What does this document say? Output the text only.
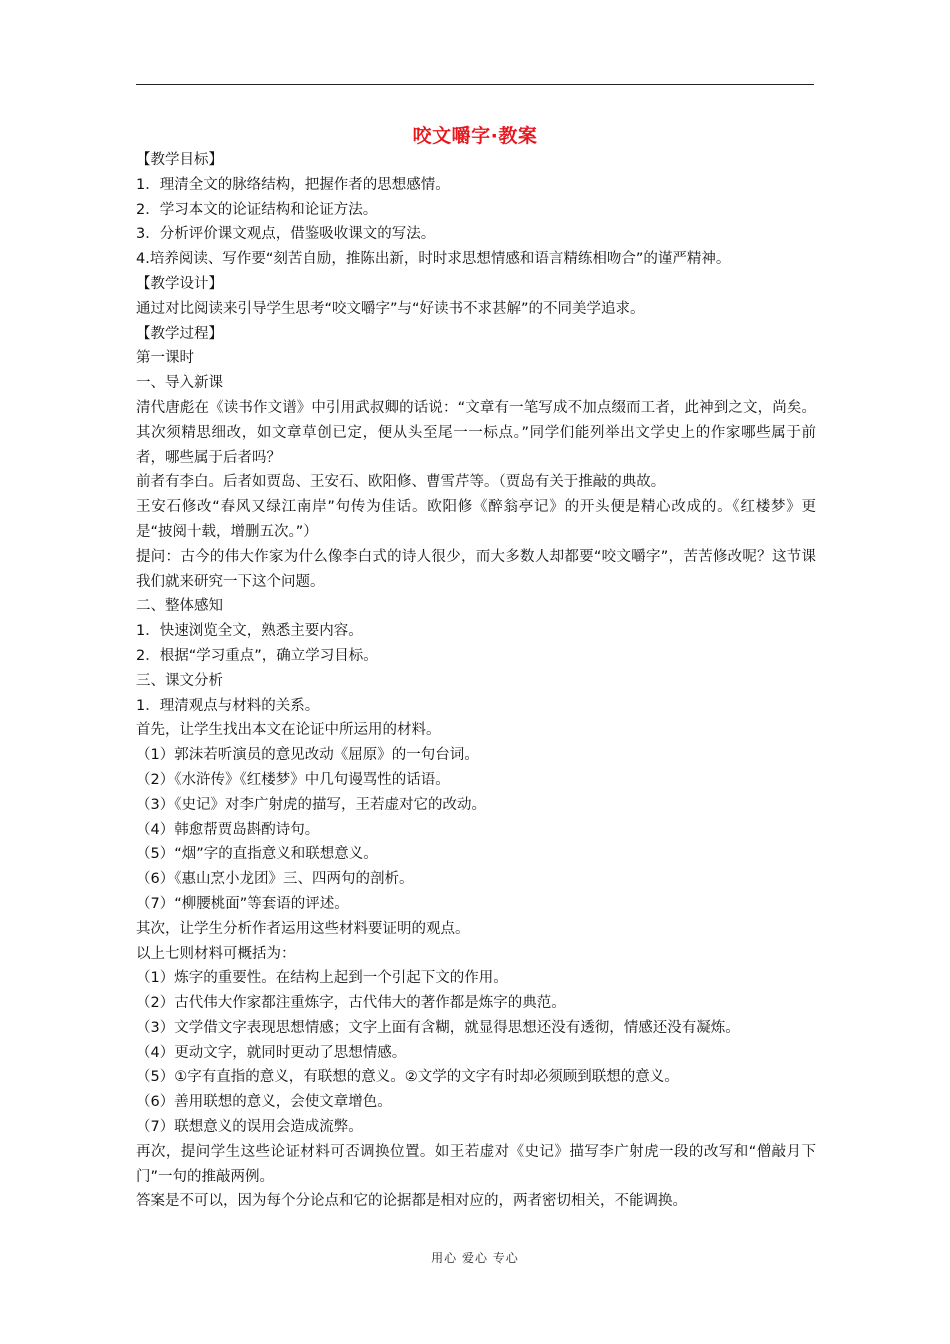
咬文嚼字·教案

【教学目标】

1．理清全文的脉络结构，把握作者的思想感情。

2．学习本文的论证结构和论证方法。

3．分析评价课文观点，借鉴吸收课文的写法。

4.培养阅读、写作要“刻苦自励，推陈出新，时时求思想情感和语言精练相吻合”的谨严精神。

【教学设计】

通过对比阅读来引导学生思考“咬文嚼字”与“好读书不求甚解”的不同美学追求。

【教学过程】

第一课时

一、导入新课

清代唐彪在《读书作文谱》中引用武叔卿的话说：“文章有一笔写成不加点缀而工者，此神到之文，尚矣。其次须精思细改，如文章草创已定，便从头至尾一一标点。”同学们能列举出文学史上的作家哪些属于前者，哪些属于后者吗？

前者有李白。后者如贾岛、王安石、欧阳修、曹雪芹等。（贾岛有关于推敲的典故。

王安石修改“春风又绿江南岸”句传为佳话。欧阳修《醉翁亭记》的开头便是精心改成的。《红楼梦》更是“披阅十载，增删五次。”）

提问：古今的伟大作家为什么像李白式的诗人很少，而大多数人却都要“咬文嚼字”，苦苦修改呢？这节课我们就来研究一下这个问题。

二、整体感知

1．快速浏览全文，熟悉主要内容。

2．根据“学习重点”，确立学习目标。

三、课文分析

1．理清观点与材料的关系。

首先，让学生找出本文在论证中所运用的材料。

（1）郭沫若听演员的意见改动《屈原》的一句台词。

（2）《水浒传》《红楼梦》中几句谩骂性的话语。

（3）《史记》对李广射虎的描写，王若虚对它的改动。

（4）韩愈帮贾岛斟酌诗句。

（5）“烟”字的直指意义和联想意义。

（6）《惠山烹小龙团》三、四两句的剖析。

（7）“柳腰桃面”等套语的评述。

其次，让学生分析作者运用这些材料要证明的观点。

以上七则材料可概括为：

（1）炼字的重要性。在结构上起到一个引起下文的作用。

（2）古代伟大作家都注重炼字，古代伟大的著作都是炼字的典范。

（3）文学借文字表现思想情感；文字上面有含糊，就显得思想还没有透彻，情感还没有凝炼。

（4）更动文字，就同时更动了思想情感。

（5）①字有直指的意义，有联想的意义。②文学的文字有时却必须顾到联想的意义。

（6）善用联想的意义，会使文章增色。

（7）联想意义的误用会造成流弊。

再次，提问学生这些论证材料可否调换位置。如王若虚对《史记》描写李广射虎一段的改写和“僧敲月下门”一句的推敲两例。

答案是不可以，因为每个分论点和它的论据都是相对应的，两者密切相关，不能调换。

用心 爱心 专心
